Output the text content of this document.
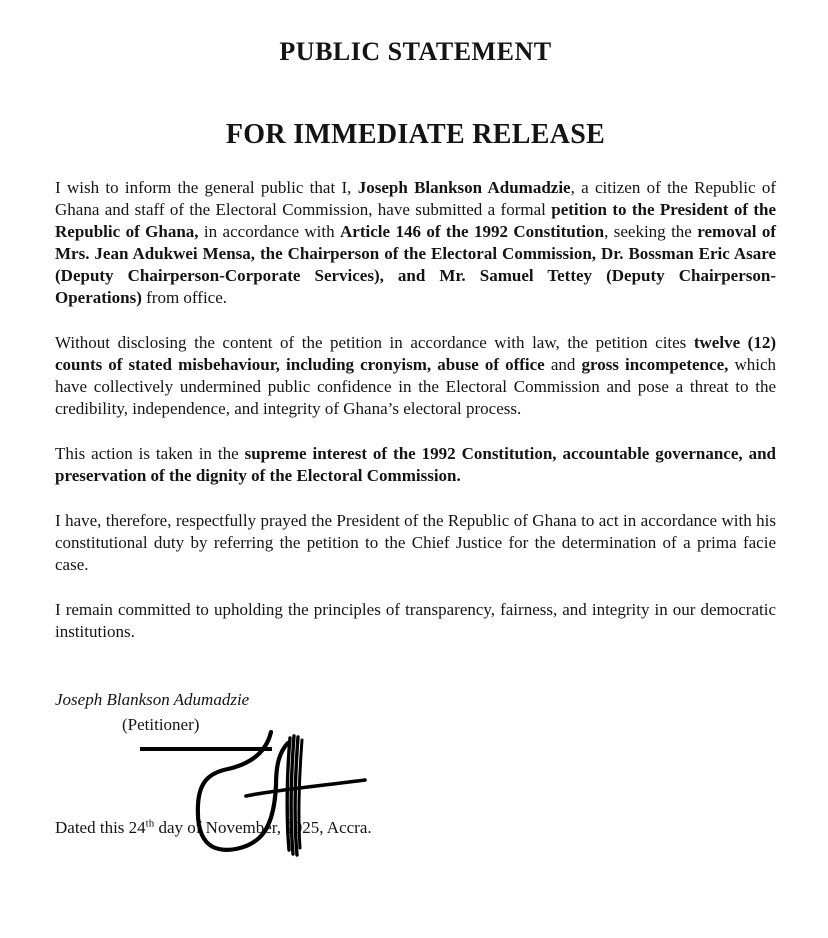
PUBLIC STATEMENT
FOR IMMEDIATE RELEASE

I wish to inform the general public that I, Joseph Blankson Adumadzie, a citizen of the Republic of Ghana and staff of the Electoral Commission, have submitted a formal petition to the President of the Republic of Ghana, in accordance with Article 146 of the 1992 Constitution, seeking the removal of Mrs. Jean Adukwei Mensa, the Chairperson of the Electoral Commission, Dr. Bossman Eric Asare (Deputy Chairperson-Corporate Services), and Mr. Samuel Tettey (Deputy Chairperson-Operations) from office.

Without disclosing the content of the petition in accordance with law, the petition cites twelve (12) counts of stated misbehaviour, including cronyism, abuse of office and gross incompetence, which have collectively undermined public confidence in the Electoral Commission and pose a threat to the credibility, independence, and integrity of Ghana’s electoral process.

This action is taken in the supreme interest of the 1992 Constitution, accountable governance, and preservation of the dignity of the Electoral Commission.

I have, therefore, respectfully prayed the President of the Republic of Ghana to act in accordance with his constitutional duty by referring the petition to the Chief Justice for the determination of a prima facie case.

I remain committed to upholding the principles of transparency, fairness, and integrity in our democratic institutions.

Joseph Blankson Adumadzie
(Petitioner)
Dated this 24th day of November, 2025, Accra.
